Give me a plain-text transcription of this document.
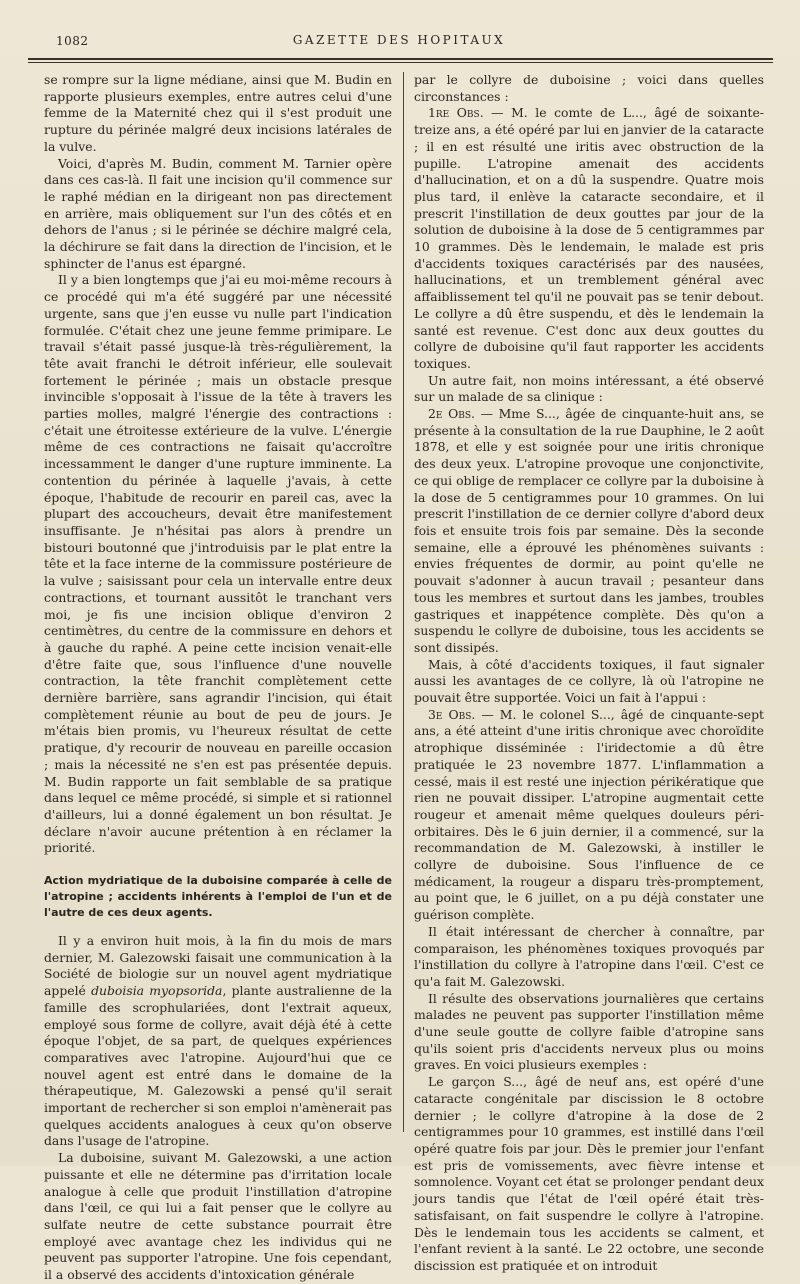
1082	GAZETTE DES HOPITAUX

se rompre sur la ligne médiane, ainsi que M. Budin en rapporte plusieurs exemples, entre autres celui d'une femme de la Maternité chez qui il s'est produit une rupture du périnée malgré deux incisions latérales de la vulve.

Voici, d'après M. Budin, comment M. Tarnier opère dans ces cas-là. Il fait une incision qu'il commence sur le raphé médian en la dirigeant non pas directement en arrière, mais obliquement sur l'un des côtés et en dehors de l'anus ; si le périnée se déchire malgré cela, la déchirure se fait dans la direction de l'incision, et le sphincter de l'anus est épargné.

Il y a bien longtemps que j'ai eu moi-même recours à ce procédé qui m'a été suggéré par une nécessité urgente, sans que j'en eusse vu nulle part l'indication formulée. C'était chez une jeune femme primipare. Le travail s'était passé jusque-là très-régulièrement, la tête avait franchi le détroit inférieur, elle soulevait fortement le périnée ; mais un obstacle presque invincible s'opposait à l'issue de la tête à travers les parties molles, malgré l'énergie des contractions : c'était une étroitesse extérieure de la vulve. L'énergie même de ces contractions ne faisait qu'accroître incessamment le danger d'une rupture imminente. La contention du périnée à laquelle j'avais, à cette époque, l'habitude de recourir en pareil cas, avec la plupart des accoucheurs, devait être manifestement insuffisante. Je n'hésitai pas alors à prendre un bistouri boutonné que j'introduisis par le plat entre la tête et la face interne de la commissure postérieure de la vulve ; saisissant pour cela un intervalle entre deux contractions, et tournant aussitôt le tranchant vers moi, je fis une incision oblique d'environ 2 centimètres, du centre de la commissure en dehors et à gauche du raphé. A peine cette incision venait-elle d'être faite que, sous l'influence d'une nouvelle contraction, la tête franchit complètement cette dernière barrière, sans agrandir l'incision, qui était complètement réunie au bout de peu de jours. Je m'étais bien promis, vu l'heureux résultat de cette pratique, d'y recourir de nouveau en pareille occasion ; mais la nécessité ne s'en est pas présentée depuis. M. Budin rapporte un fait semblable de sa pratique dans lequel ce même procédé, si simple et si rationnel d'ailleurs, lui a donné également un bon résultat. Je déclare n'avoir aucune prétention à en réclamer la priorité.

Action mydriatique de la duboisine comparée à celle de l'atropine ; accidents inhérents à l'emploi de l'un et de l'autre de ces deux agents.

Il y a environ huit mois, à la fin du mois de mars dernier, M. Galezowski faisait une communication à la Société de biologie sur un nouvel agent mydriatique appelé duboisia myopsorida, plante australienne de la famille des scrophulariées, dont l'extrait aqueux, employé sous forme de collyre, avait déjà été à cette époque l'objet, de sa part, de quelques expériences comparatives avec l'atropine. Aujourd'hui que ce nouvel agent est entré dans le domaine de la thérapeutique, M. Galezowski a pensé qu'il serait important de rechercher si son emploi n'amènerait pas quelques accidents analogues à ceux qu'on observe dans l'usage de l'atropine.

La duboisine, suivant M. Galezowski, a une action puissante et elle ne détermine pas d'irritation locale analogue à celle que produit l'instillation d'atropine dans l'œil, ce qui lui a fait penser que le collyre au sulfate neutre de cette substance pourrait être employé avec avantage chez les individus qui ne peuvent pas supporter l'atropine. Une fois cependant, il a observé des accidents d'intoxication générale

par le collyre de duboisine ; voici dans quelles circonstances :

1re Obs. — M. le comte de L..., âgé de soixante-treize ans, a été opéré par lui en janvier de la cataracte ; il en est résulté une iritis avec obstruction de la pupille. L'atropine amenait des accidents d'hallucination, et on a dû la suspendre. Quatre mois plus tard, il enlève la cataracte secondaire, et il prescrit l'instillation de deux gouttes par jour de la solution de duboisine à la dose de 5 centigrammes par 10 grammes. Dès le lendemain, le malade est pris d'accidents toxiques caractérisés par des nausées, hallucinations, et un tremblement général avec affaiblissement tel qu'il ne pouvait pas se tenir debout. Le collyre a dû être suspendu, et dès le lendemain la santé est revenue. C'est donc aux deux gouttes du collyre de duboisine qu'il faut rapporter les accidents toxiques.

Un autre fait, non moins intéressant, a été observé sur un malade de sa clinique :

2e Obs. — Mme S..., âgée de cinquante-huit ans, se présente à la consultation de la rue Dauphine, le 2 août 1878, et elle y est soignée pour une iritis chronique des deux yeux. L'atropine provoque une conjonctivite, ce qui oblige de remplacer ce collyre par la duboisine à la dose de 5 centigrammes pour 10 grammes. On lui prescrit l'instillation de ce dernier collyre d'abord deux fois et ensuite trois fois par semaine. Dès la seconde semaine, elle a éprouvé les phénomènes suivants : envies fréquentes de dormir, au point qu'elle ne pouvait s'adonner à aucun travail ; pesanteur dans tous les membres et surtout dans les jambes, troubles gastriques et inappétence complète. Dès qu'on a suspendu le collyre de duboisine, tous les accidents se sont dissipés.

Mais, à côté d'accidents toxiques, il faut signaler aussi les avantages de ce collyre, là où l'atropine ne pouvait être supportée. Voici un fait à l'appui :

3e Obs. — M. le colonel S..., âgé de cinquante-sept ans, a été atteint d'une iritis chronique avec choroïdite atrophique disséminée : l'iridectomie a dû être pratiquée le 23 novembre 1877. L'inflammation a cessé, mais il est resté une injection périkératique que rien ne pouvait dissiper. L'atropine augmentait cette rougeur et amenait même quelques douleurs péri-orbitaires. Dès le 6 juin dernier, il a commencé, sur la recommandation de M. Galezowski, à instiller le collyre de duboisine. Sous l'influence de ce médicament, la rougeur a disparu très-promptement, au point que, le 6 juillet, on a pu déjà constater une guérison complète.

Il était intéressant de chercher à connaître, par comparaison, les phénomènes toxiques provoqués par l'instillation du collyre à l'atropine dans l'œil. C'est ce qu'a fait M. Galezowski.

Il résulte des observations journalières que certains malades ne peuvent pas supporter l'instillation même d'une seule goutte de collyre faible d'atropine sans qu'ils soient pris d'accidents nerveux plus ou moins graves. En voici plusieurs exemples :

Le garçon S..., âgé de neuf ans, est opéré d'une cataracte congénitale par discission le 8 octobre dernier ; le collyre d'atropine à la dose de 2 centigrammes pour 10 grammes, est instillé dans l'œil opéré quatre fois par jour. Dès le premier jour l'enfant est pris de vomissements, avec fièvre intense et somnolence. Voyant cet état se prolonger pendant deux jours tandis que l'état de l'œil opéré était très-satisfaisant, on fait suspendre le collyre à l'atropine. Dès le lendemain tous les accidents se calment, et l'enfant revient à la santé. Le 22 octobre, une seconde discission est pratiquée et on introduit
